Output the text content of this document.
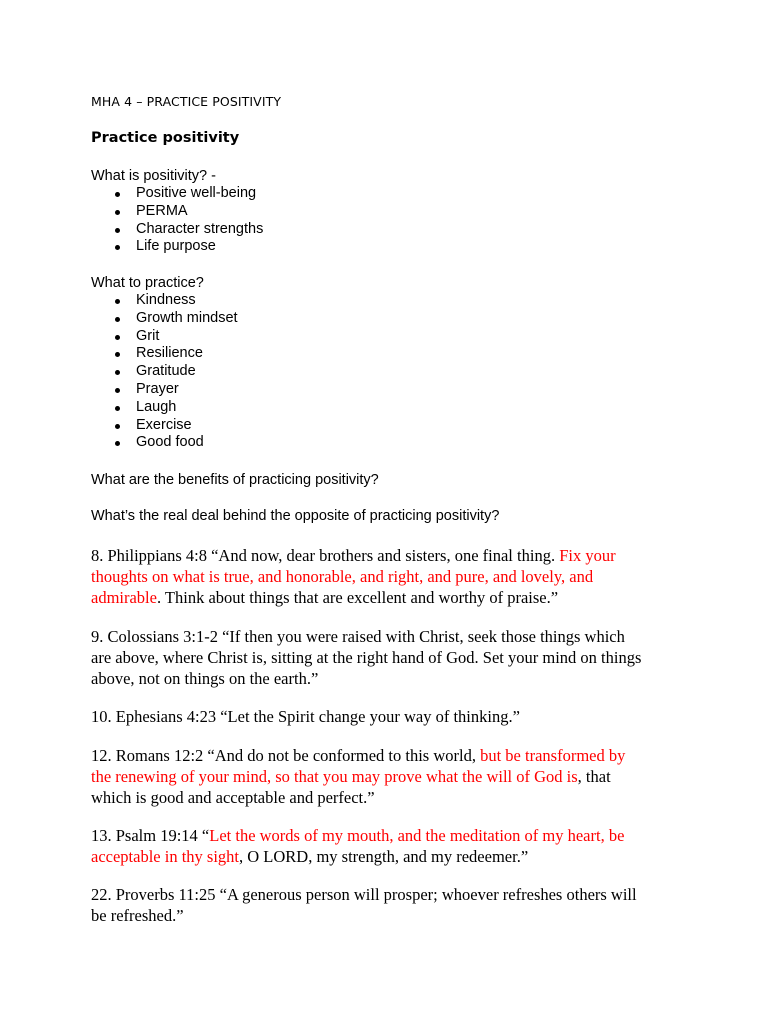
MHA 4 – PRACTICE POSITIVITY
Practice positivity
What is positivity? -
Positive well-being
PERMA
Character strengths
Life purpose
What to practice?
Kindness
Growth mindset
Grit
Resilience
Gratitude
Prayer
Laugh
Exercise
Good food
What are the benefits of practicing positivity?
What’s the real deal behind the opposite of practicing positivity?
8. Philippians 4:8 “And now, dear brothers and sisters, one final thing. Fix your
thoughts on what is true, and honorable, and right, and pure, and lovely, and
admirable. Think about things that are excellent and worthy of praise.”
9. Colossians 3:1-2 “If then you were raised with Christ, seek those things which
are above, where Christ is, sitting at the right hand of God. Set your mind on things
above, not on things on the earth.”
10. Ephesians 4:23 “Let the Spirit change your way of thinking.”
12. Romans 12:2 “And do not be conformed to this world, but be transformed by
the renewing of your mind, so that you may prove what the will of God is, that
which is good and acceptable and perfect.”
13. Psalm 19:14 “Let the words of my mouth, and the meditation of my heart, be
acceptable in thy sight, O LORD, my strength, and my redeemer.”
22. Proverbs 11:25 “A generous person will prosper; whoever refreshes others will
be refreshed.”
